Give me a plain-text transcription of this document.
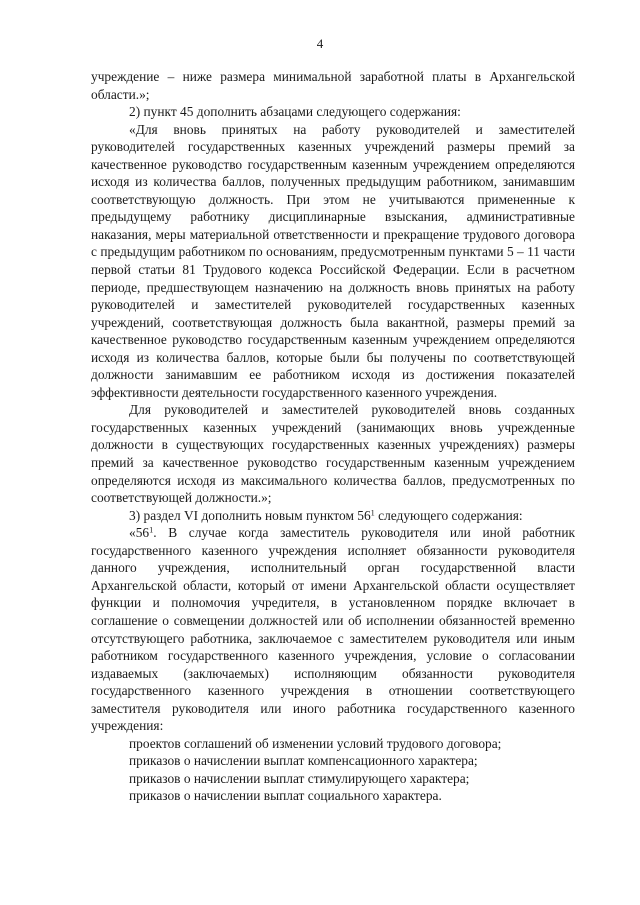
4

учреждение – ниже размера минимальной заработной платы в Архангельской области.»;

2) пункт 45 дополнить абзацами следующего содержания:

«Для вновь принятых на работу руководителей и заместителей руководителей государственных казенных учреждений размеры премий за качественное руководство государственным казенным учреждением определяются исходя из количества баллов, полученных предыдущим работником, занимавшим соответствующую должность. При этом не учитываются примененные к предыдущему работнику дисциплинарные взыскания, административные наказания, меры материальной ответственности и прекращение трудового договора с предыдущим работником по основаниям, предусмотренным пунктами 5 – 11 части первой статьи 81 Трудового кодекса Российской Федерации. Если в расчетном периоде, предшествующем назначению на должность вновь принятых на работу руководителей и заместителей руководителей государственных казенных учреждений, соответствующая должность была вакантной, размеры премий за качественное руководство государственным казенным учреждением определяются исходя из количества баллов, которые были бы получены по соответствующей должности занимавшим ее работником исходя из достижения показателей эффективности деятельности государственного казенного учреждения.

Для руководителей и заместителей руководителей вновь созданных государственных казенных учреждений (занимающих вновь учрежденные должности в существующих государственных казенных учреждениях) размеры премий за качественное руководство государственным казенным учреждением определяются исходя из максимального количества баллов, предусмотренных по соответствующей должности.»;

3) раздел VI дополнить новым пунктом $56^1$ следующего содержания:

«$56^1$. В случае когда заместитель руководителя или иной работник государственного казенного учреждения исполняет обязанности руководителя данного учреждения, исполнительный орган государственной власти Архангельской области, который от имени Архангельской области осуществляет функции и полномочия учредителя, в установленном порядке включает в соглашение о совмещении должностей или об исполнении обязанностей временно отсутствующего работника, заключаемое с заместителем руководителя или иным работником государственного казенного учреждения, условие о согласовании издаваемых (заключаемых) исполняющим обязанности руководителя государственного казенного учреждения в отношении соответствующего заместителя руководителя или иного работника государственного казенного учреждения:

проектов соглашений об изменении условий трудового договора;

приказов о начислении выплат компенсационного характера;

приказов о начислении выплат стимулирующего характера;

приказов о начислении выплат социального характера.
